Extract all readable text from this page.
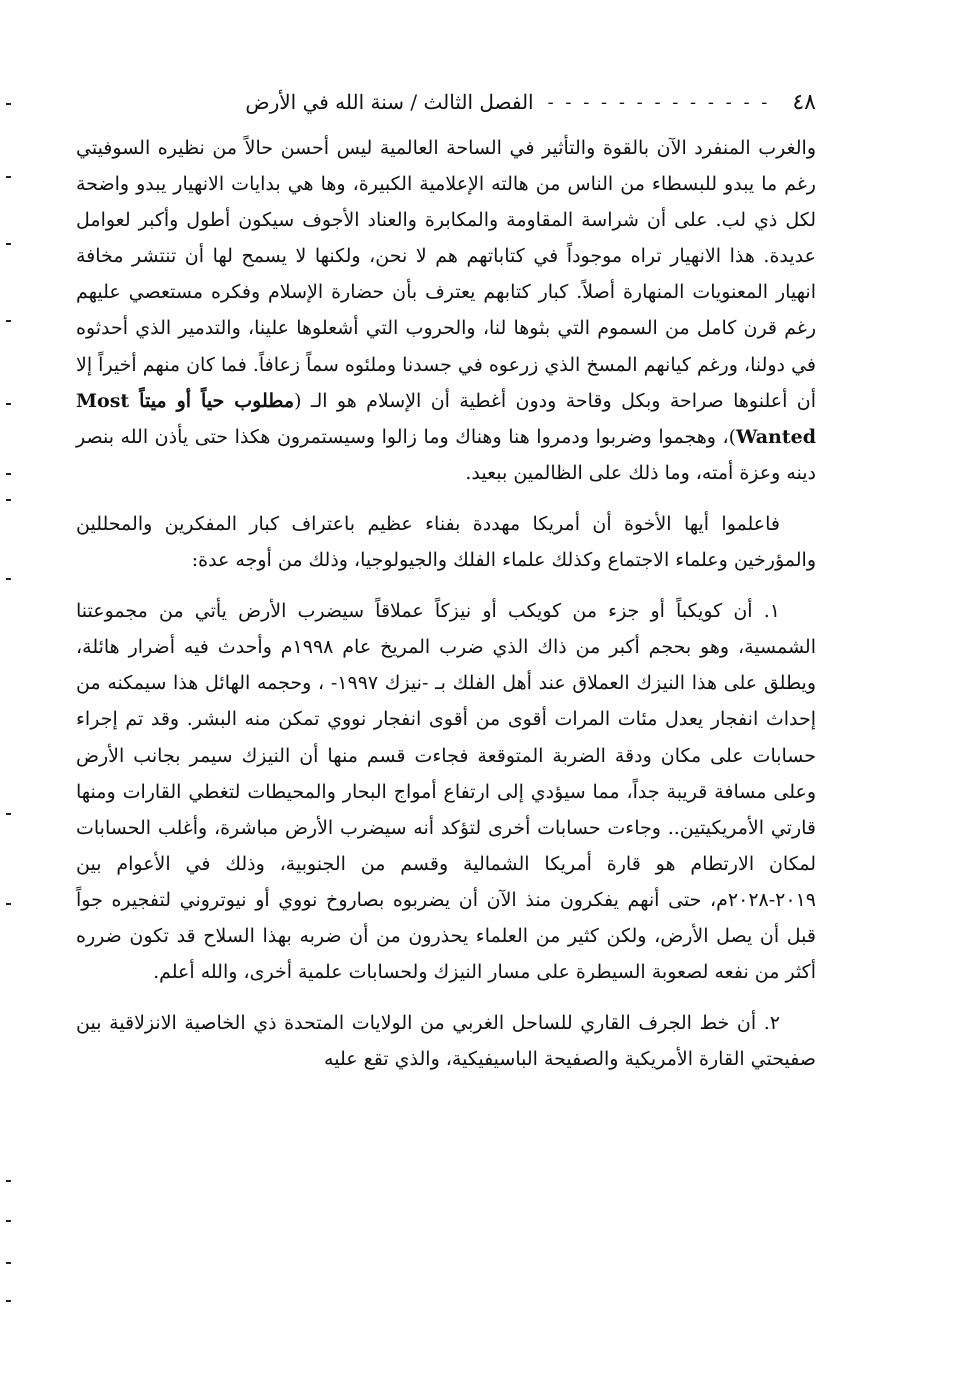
٤٨
- - - - - - - - - - - - -
الفصل الثالث / سنة الله في الأرض

والغرب المنفرد الآن بالقوة والتأثير في الساحة العالمية ليس أحسن حالاً من نظيره السوفيتي رغم ما يبدو للبسطاء من الناس من هالته الإعلامية الكبيرة، وها هي بدايات الانهيار يبدو واضحة لكل ذي لب. على أن شراسة المقاومة والمكابرة والعناد الأجوف سيكون أطول وأكبر لعوامل عديدة. هذا الانهيار تراه موجوداً في كتاباتهم هم لا نحن، ولكنها لا يسمح لها أن تنتشر مخافة انهيار المعنويات المنهارة أصلاً. كبار كتابهم يعترف بأن حضارة الإسلام وفكره مستعصي عليهم رغم قرن كامل من السموم التي بثوها لنا، والحروب التي أشعلوها علينا، والتدمير الذي أحدثوه في دولنا، ورغم كيانهم المسخ الذي زرعوه في جسدنا وملئوه سماً زعافاً. فما كان منهم أخيراً إلا أن أعلنوها صراحة وبكل وقاحة ودون أغطية أن الإسلام هو الـ (مطلوب حياً أو ميتاً Most Wanted)، وهجموا وضربوا ودمروا هنا وهناك وما زالوا وسيستمرون هكذا حتى يأذن الله بنصر دينه وعزة أمته، وما ذلك على الظالمين ببعيد.

فاعلموا أيها الأخوة أن أمريكا مهددة بفناء عظيم باعتراف كبار المفكرين والمحللين والمؤرخين وعلماء الاجتماع وكذلك علماء الفلك والجيولوجيا، وذلك من أوجه عدة:

١. أن كويكباً أو جزء من كويكب أو نيزكاً عملاقاً سيضرب الأرض يأتي من مجموعتنا الشمسية، وهو بحجم أكبر من ذاك الذي ضرب المريخ عام ١٩٩٨م وأحدث فيه أضرار هائلة، ويطلق على هذا النيزك العملاق عند أهل الفلك بـ -نيزك ١٩٩٧- ، وحجمه الهائل هذا سيمكنه من إحداث انفجار يعدل مئات المرات أقوى من أقوى انفجار نووي تمكن منه البشر. وقد تم إجراء حسابات على مكان ودقة الضربة المتوقعة فجاءت قسم منها أن النيزك سيمر بجانب الأرض وعلى مسافة قريبة جداً، مما سيؤدي إلى ارتفاع أمواج البحار والمحيطات لتغطي القارات ومنها قارتي الأمريكيتين.. وجاءت حسابات أخرى لتؤكد أنه سيضرب الأرض مباشرة، وأغلب الحسابات لمكان الارتطام هو قارة أمريكا الشمالية وقسم من الجنوبية، وذلك في الأعوام بين ٢٠١٩-٢٠٢٨م، حتى أنهم يفكرون منذ الآن أن يضربوه بصاروخ نووي أو نيوتروني لتفجيره جواً قبل أن يصل الأرض، ولكن كثير من العلماء يحذرون من أن ضربه بهذا السلاح قد تكون ضرره أكثر من نفعه لصعوبة السيطرة على مسار النيزك ولحسابات علمية أخرى، والله أعلم.

٢. أن خط الجرف القاري للساحل الغربي من الولايات المتحدة ذي الخاصية الانزلاقية بين صفيحتي القارة الأمريكية والصفيحة الباسيفيكية، والذي تقع عليه
